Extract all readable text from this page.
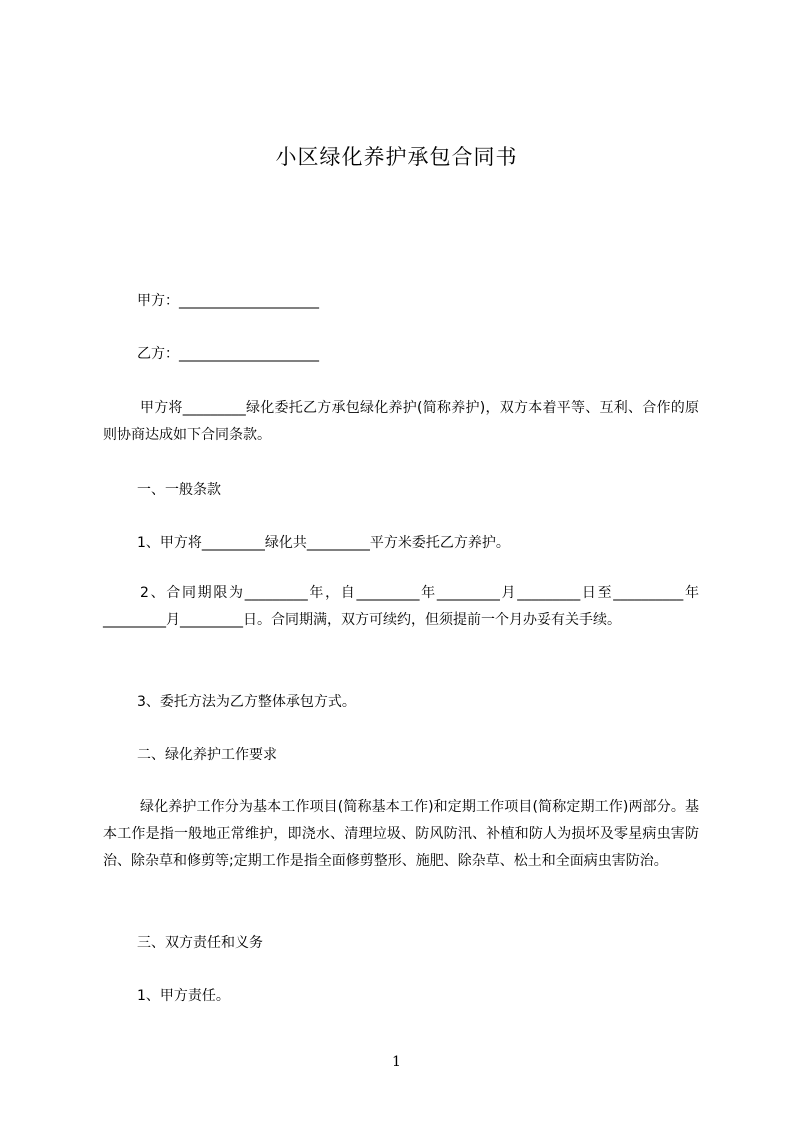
小区绿化养护承包合同书
甲方：____________________
乙方：____________________
甲方将_________绿化委托乙方承包绿化养护(简称养护)，双方本着平等、互利、合作的原则协商达成如下合同条款。
一、一般条款
1、甲方将_________绿化共_________平方米委托乙方养护。
2、合同期限为_________年，自_________年_________月_________日至__________年_________月_________日。合同期满，双方可续约，但须提前一个月办妥有关手续。
3、委托方法为乙方整体承包方式。
二、绿化养护工作要求
绿化养护工作分为基本工作项目(简称基本工作)和定期工作项目(简称定期工作)两部分。基本工作是指一般地正常维护，即浇水、清理垃圾、防风防汛、补植和防人为损坏及零星病虫害防治、除杂草和修剪等;定期工作是指全面修剪整形、施肥、除杂草、松土和全面病虫害防治。
三、双方责任和义务
1、甲方责任。
1
